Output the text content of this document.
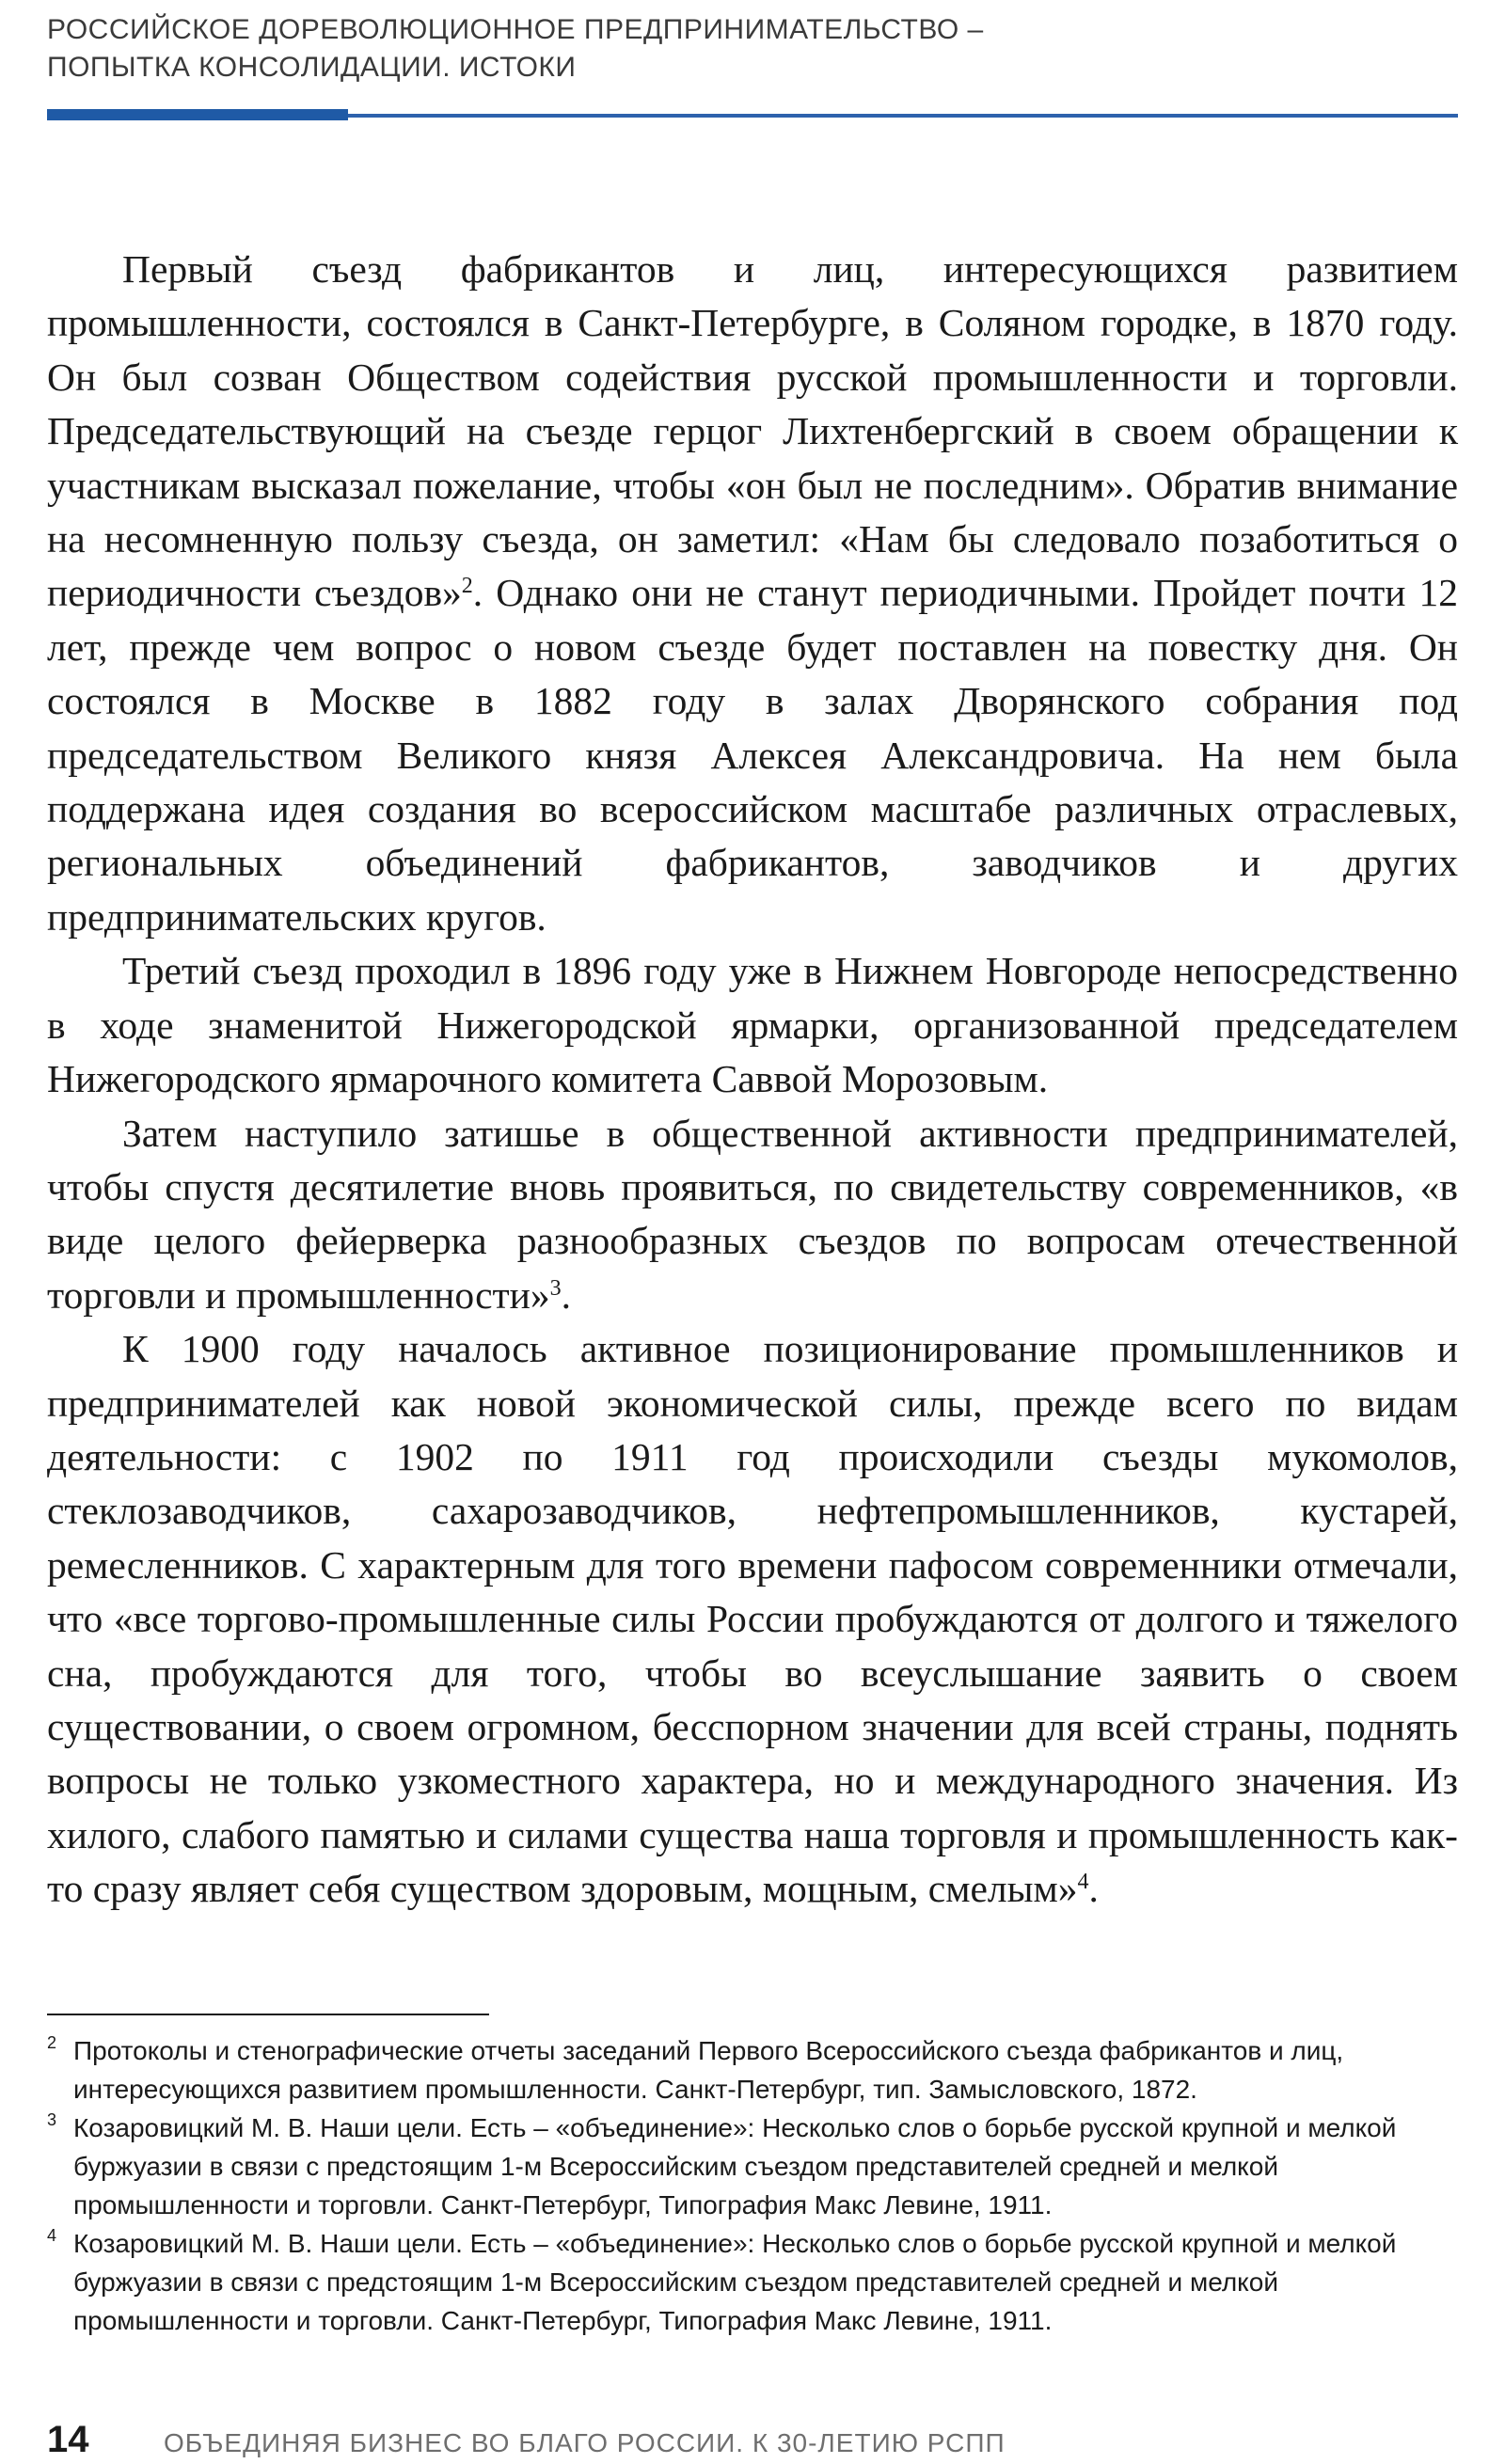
РОССИЙСКОЕ ДОРЕВОЛЮЦИОННОЕ ПРЕДПРИНИМАТЕЛЬСТВО –
ПОПЫТКА КОНСОЛИДАЦИИ. ИСТОКИ

Первый съезд фабрикантов и лиц, интересующихся развитием промышленности, состоялся в Санкт-Петербурге, в Соляном городке, в 1870 году. Он был созван Обществом содействия русской промышленности и торговли. Председательствующий на съезде герцог Лихтенбергский в своем обращении к участникам высказал пожелание, чтобы «он был не последним». Обратив внимание на несомненную пользу съезда, он заметил: «Нам бы следовало позаботиться о периодичности съездов»$^2$. Однако они не станут периодичными. Пройдет почти 12 лет, прежде чем вопрос о новом съезде будет поставлен на повестку дня. Он состоялся в Москве в 1882 году в залах Дворянского собрания под председательством Великого князя Алексея Александровича. На нем была поддержана идея создания во всероссийском масштабе различных отраслевых, региональных объединений фабрикантов, заводчиков и других предпринимательских кругов.

Третий съезд проходил в 1896 году уже в Нижнем Новгороде непосредственно в ходе знаменитой Нижегородской ярмарки, организованной председателем Нижегородского ярмарочного комитета Саввой Морозовым.

Затем наступило затишье в общественной активности предпринимателей, чтобы спустя десятилетие вновь проявиться, по свидетельству современников, «в виде целого фейерверка разнообразных съездов по вопросам отечественной торговли и промышленности»$^3$.

К 1900 году началось активное позиционирование промышленников и предпринимателей как новой экономической силы, прежде всего по видам деятельности: с 1902 по 1911 год происходили съезды мукомолов, стеклозаводчиков, сахарозаводчиков, нефтепромышленников, кустарей, ремесленников. С характерным для того времени пафосом современники отмечали, что «все торгово-промышленные силы России пробуждаются от долгого и тяжелого сна, пробуждаются для того, чтобы во всеуслышание заявить о своем существовании, о своем огромном, бесспорном значении для всей страны, поднять вопросы не только узкоместного характера, но и международного значения. Из хилого, слабого памятью и силами существа наша торговля и промышленность как-то сразу являет себя существом здоровым, мощным, смелым»$^4$.

2 Протоколы и стенографические отчеты заседаний Первого Всероссийского съезда фабрикантов и лиц, интересующихся развитием промышленности. Санкт-Петербург, тип. Замысловского, 1872.

3 Козаровицкий М. В. Наши цели. Есть – «объединение»: Несколько слов о борьбе русской крупной и мелкой буржуазии в связи с предстоящим 1-м Всероссийским съездом представителей средней и мелкой промышленности и торговли. Санкт-Петербург, Типография Макс Левине, 1911.

4 Козаровицкий М. В. Наши цели. Есть – «объединение»: Несколько слов о борьбе русской крупной и мелкой буржуазии в связи с предстоящим 1-м Всероссийским съездом представителей средней и мелкой промышленности и торговли. Санкт-Петербург, Типография Макс Левине, 1911.

14	ОБЪЕДИНЯЯ БИЗНЕС ВО БЛАГО РОССИИ. К 30-ЛЕТИЮ РСПП
